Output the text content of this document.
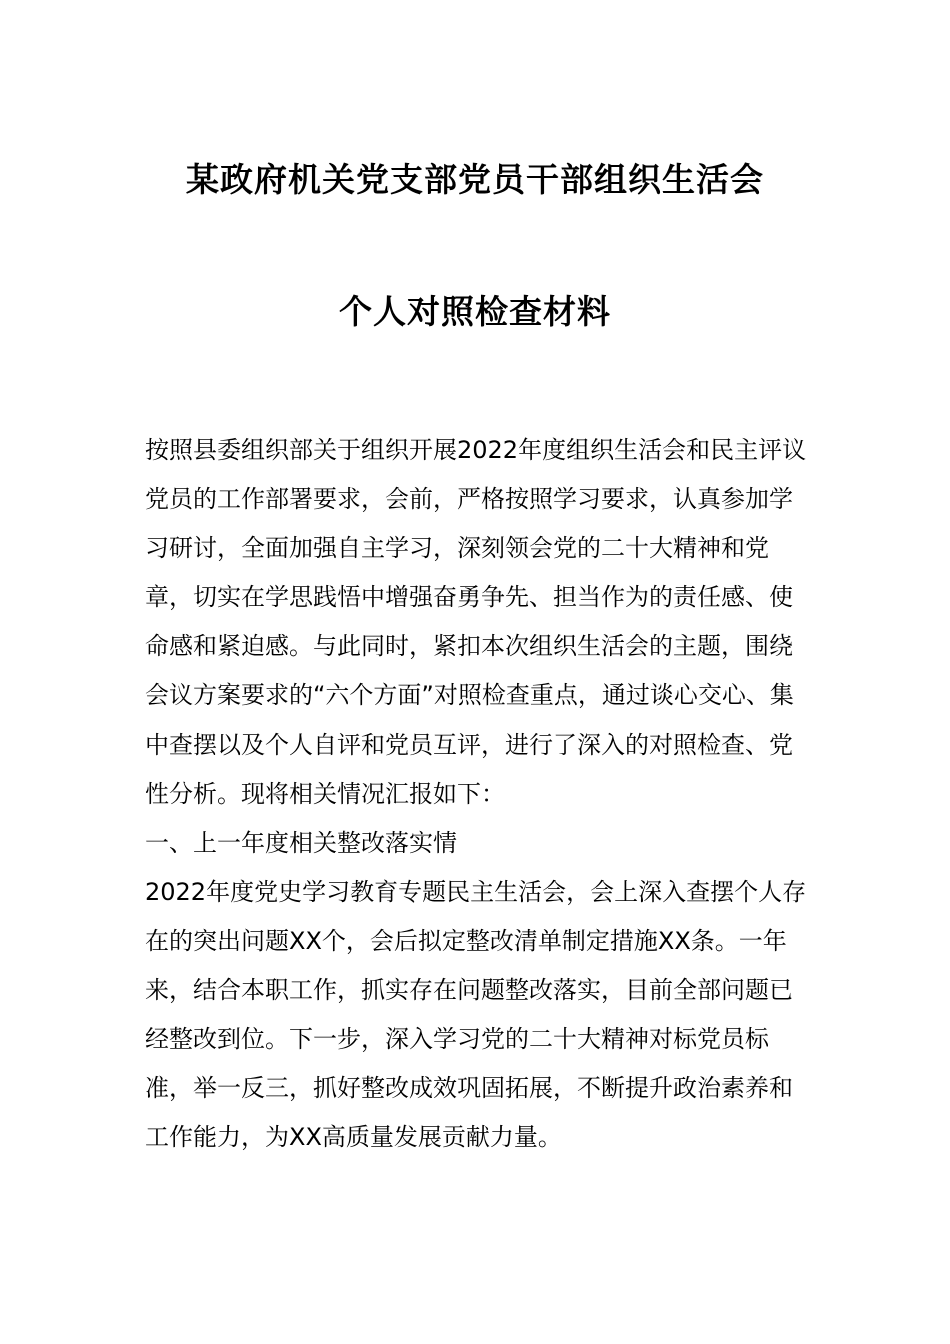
某政府机关党支部党员干部组织生活会
个人对照检查材料

按照县委组织部关于组织开展2022年度组织生活会和民主评议党员的工作部署要求，会前，严格按照学习要求，认真参加学习研讨，全面加强自主学习，深刻领会党的二十大精神和党章，切实在学思践悟中增强奋勇争先、担当作为的责任感、使命感和紧迫感。与此同时，紧扣本次组织生活会的主题，围绕会议方案要求的“六个方面”对照检查重点，通过谈心交心、集中查摆以及个人自评和党员互评，进行了深入的对照检查、党性分析。现将相关情况汇报如下：

一、上一年度相关整改落实情

2022年度党史学习教育专题民主生活会，会上深入查摆个人存在的突出问题XX个，会后拟定整改清单制定措施XX条。一年来，结合本职工作，抓实存在问题整改落实，目前全部问题已经整改到位。下一步，深入学习党的二十大精神对标党员标准，举一反三，抓好整改成效巩固拓展，不断提升政治素养和工作能力，为XX高质量发展贡献力量。
